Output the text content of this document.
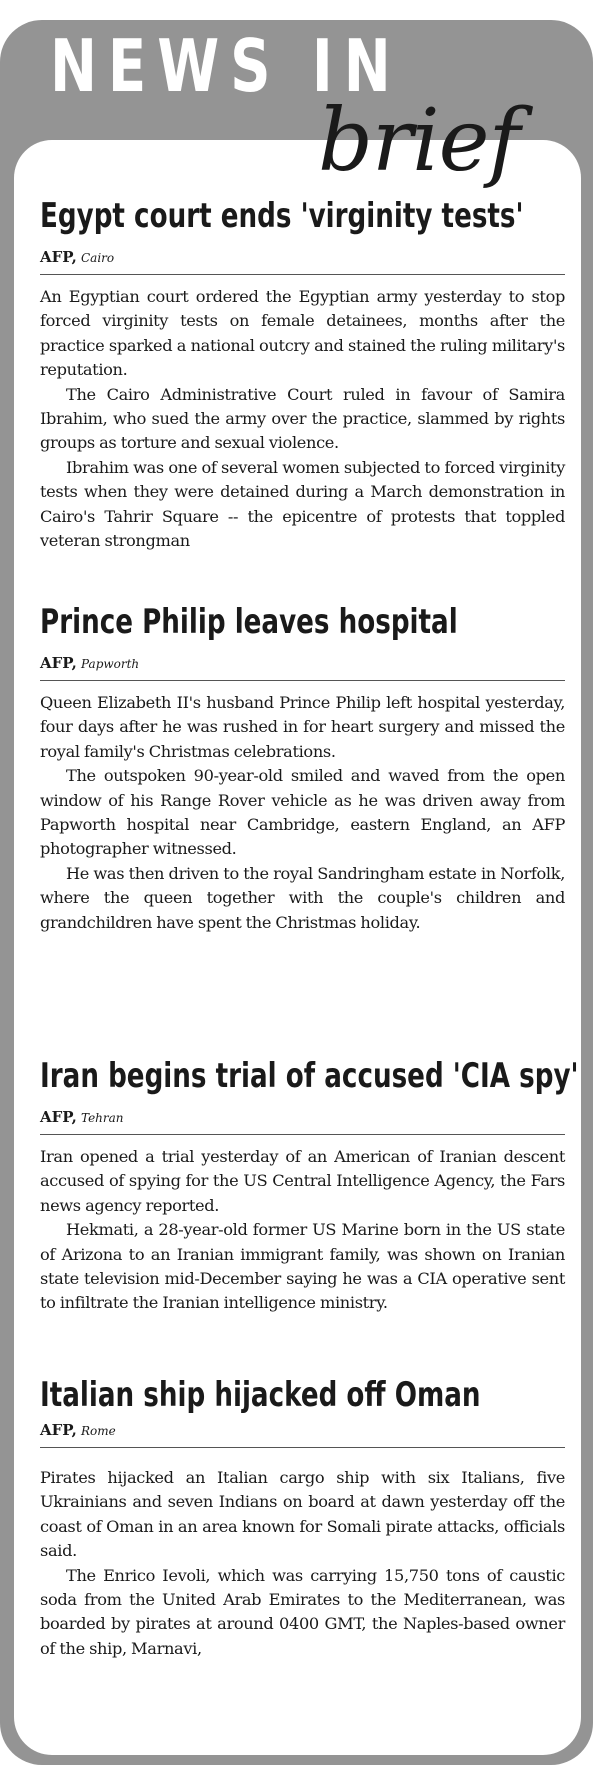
NEWS IN
brief
Egypt court ends 'virginity tests'
AFP, Cairo

An Egyptian court ordered the Egyptian army yesterday to stop forced virginity tests on female detainees, months after the practice sparked a national outcry and stained the ruling military's reputation.

The Cairo Administrative Court ruled in favour of Samira Ibrahim, who sued the army over the practice, slammed by rights groups as torture and sexual violence.

Ibrahim was one of several women subjected to forced virginity tests when they were detained during a March demonstration in Cairo's Tahrir Square -- the epicentre of protests that toppled veteran strongman

Prince Philip leaves hospital
AFP, Papworth

Queen Elizabeth II's husband Prince Philip left hospital yesterday, four days after he was rushed in for heart surgery and missed the royal family's Christmas celebrations.

The outspoken 90-year-old smiled and waved from the open window of his Range Rover vehicle as he was driven away from Papworth hospital near Cambridge, eastern England, an AFP photographer witnessed.

He was then driven to the royal Sandringham estate in Norfolk, where the queen together with the couple's children and grandchildren have spent the Christmas holiday.

Iran begins trial of accused 'CIA spy'
AFP, Tehran

Iran opened a trial yesterday of an American of Iranian descent accused of spying for the US Central Intelligence Agency, the Fars news agency reported.

Hekmati, a 28-year-old former US Marine born in the US state of Arizona to an Iranian immigrant family, was shown on Iranian state television mid-December saying he was a CIA operative sent to infiltrate the Iranian intelligence ministry.

Italian ship hijacked off Oman
AFP, Rome

Pirates hijacked an Italian cargo ship with six Italians, five Ukrainians and seven Indians on board at dawn yesterday off the coast of Oman in an area known for Somali pirate attacks, officials said.

The Enrico Ievoli, which was carrying 15,750 tons of caustic soda from the United Arab Emirates to the Mediterranean, was boarded by pirates at around 0400 GMT, the Naples-based owner of the ship, Marnavi,
